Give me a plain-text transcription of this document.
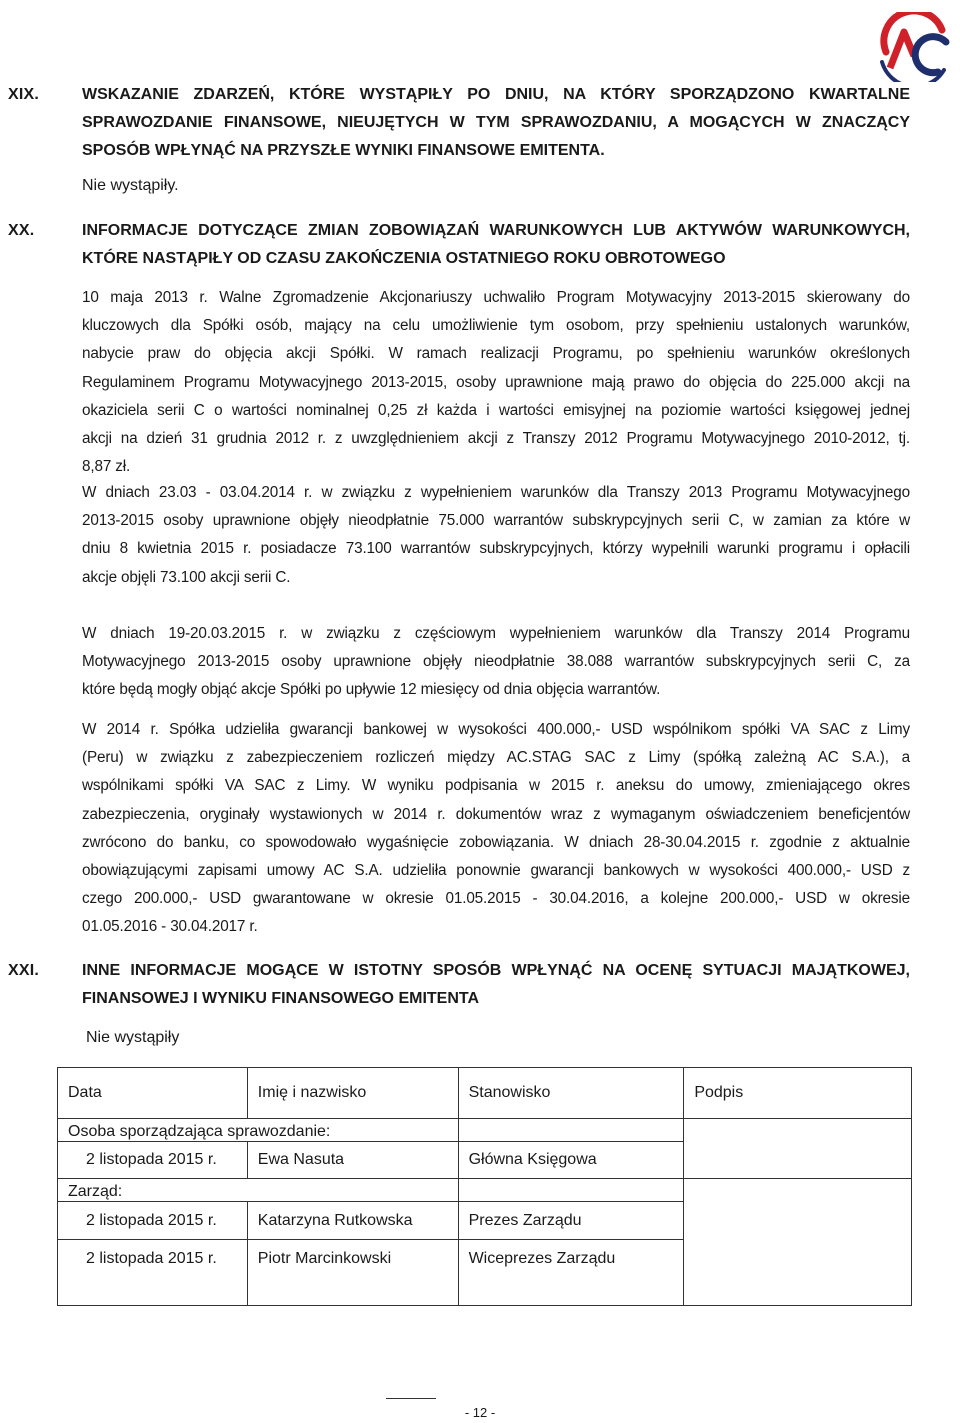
XIX.	WSKAZANIE ZDARZEŃ, KTÓRE WYSTĄPIŁY PO DNIU, NA KTÓRY SPORZĄDZONO KWARTALNE
SPRAWOZDANIE FINANSOWE, NIEUJĘTYCH W TYM SPRAWOZDANIU, A MOGĄCYCH W ZNACZĄCY
SPOSÓB WPŁYNĄĆ NA PRZYSZŁE WYNIKI FINANSOWE EMITENTA.
Nie wystąpiły.
XX.	INFORMACJE DOTYCZĄCE ZMIAN ZOBOWIĄZAŃ WARUNKOWYCH LUB AKTYWÓW WARUNKOWYCH,
KTÓRE NASTĄPIŁY OD CZASU ZAKOŃCZENIA OSTATNIEGO ROKU OBROTOWEGO
10 maja 2013 r. Walne Zgromadzenie Akcjonariuszy uchwaliło Program Motywacyjny 2013-2015 skierowany do
kluczowych dla Spółki osób, mający na celu umożliwienie tym osobom, przy spełnieniu ustalonych warunków,
nabycie praw do objęcia akcji Spółki. W ramach realizacji Programu, po spełnieniu warunków określonych
Regulaminem Programu Motywacyjnego 2013-2015, osoby uprawnione mają prawo do objęcia do 225.000 akcji na
okaziciela serii C o wartości nominalnej 0,25 zł każda i wartości emisyjnej na poziomie wartości księgowej jednej
akcji na dzień 31 grudnia 2012 r. z uwzględnieniem akcji z Transzy 2012 Programu Motywacyjnego 2010-2012, tj.
8,87 zł.
W dniach 23.03 - 03.04.2014 r. w związku z wypełnieniem warunków dla Transzy 2013 Programu Motywacyjnego
2013-2015 osoby uprawnione objęły nieodpłatnie 75.000 warrantów subskrypcyjnych serii C, w zamian za które w
dniu 8 kwietnia 2015 r. posiadacze 73.100 warrantów subskrypcyjnych, którzy wypełnili warunki programu i opłacili
akcje objęli 73.100 akcji serii C.
W dniach 19-20.03.2015 r. w związku z częściowym wypełnieniem warunków dla Transzy 2014 Programu
Motywacyjnego 2013-2015 osoby uprawnione objęły nieodpłatnie 38.088 warrantów subskrypcyjnych serii C, za
które będą mogły objąć akcje Spółki po upływie 12 miesięcy od dnia objęcia warrantów.
W 2014 r. Spółka udzieliła gwarancji bankowej w wysokości 400.000,- USD wspólnikom spółki VA SAC z Limy
(Peru) w związku z zabezpieczeniem rozliczeń między AC.STAG SAC z Limy (spółką zależną AC S.A.), a
wspólnikami spółki VA SAC z Limy. W wyniku podpisania w 2015 r. aneksu do umowy, zmieniającego okres
zabezpieczenia, oryginały wystawionych w 2014 r. dokumentów wraz z wymaganym oświadczeniem beneficjentów
zwrócono do banku, co spowodowało wygaśnięcie zobowiązania. W dniach 28-30.04.2015 r. zgodnie z aktualnie
obowiązującymi zapisami umowy AC S.A. udzieliła ponownie gwarancji bankowych w wysokości 400.000,- USD z
czego 200.000,- USD gwarantowane w okresie 01.05.2015 - 30.04.2016, a kolejne 200.000,- USD w okresie
01.05.2016 - 30.04.2017 r.
XXI.	INNE INFORMACJE MOGĄCE W ISTOTNY SPOSÓB WPŁYNĄĆ NA OCENĘ SYTUACJI MAJĄTKOWEJ,
FINANSOWEJ I WYNIKU FINANSOWEGO EMITENTA
Nie wystąpiły
Data	Imię i nazwisko	Stanowisko	Podpis
Osoba sporządzająca sprawozdanie:			
2 listopada 2015 r.	Ewa Nasuta	Główna Księgowa	
Zarząd:			
2 listopada 2015 r.	Katarzyna Rutkowska	Prezes Zarządu	
2 listopada 2015 r.	Piotr Marcinkowski	Wiceprezes Zarządu	
- 12 -
